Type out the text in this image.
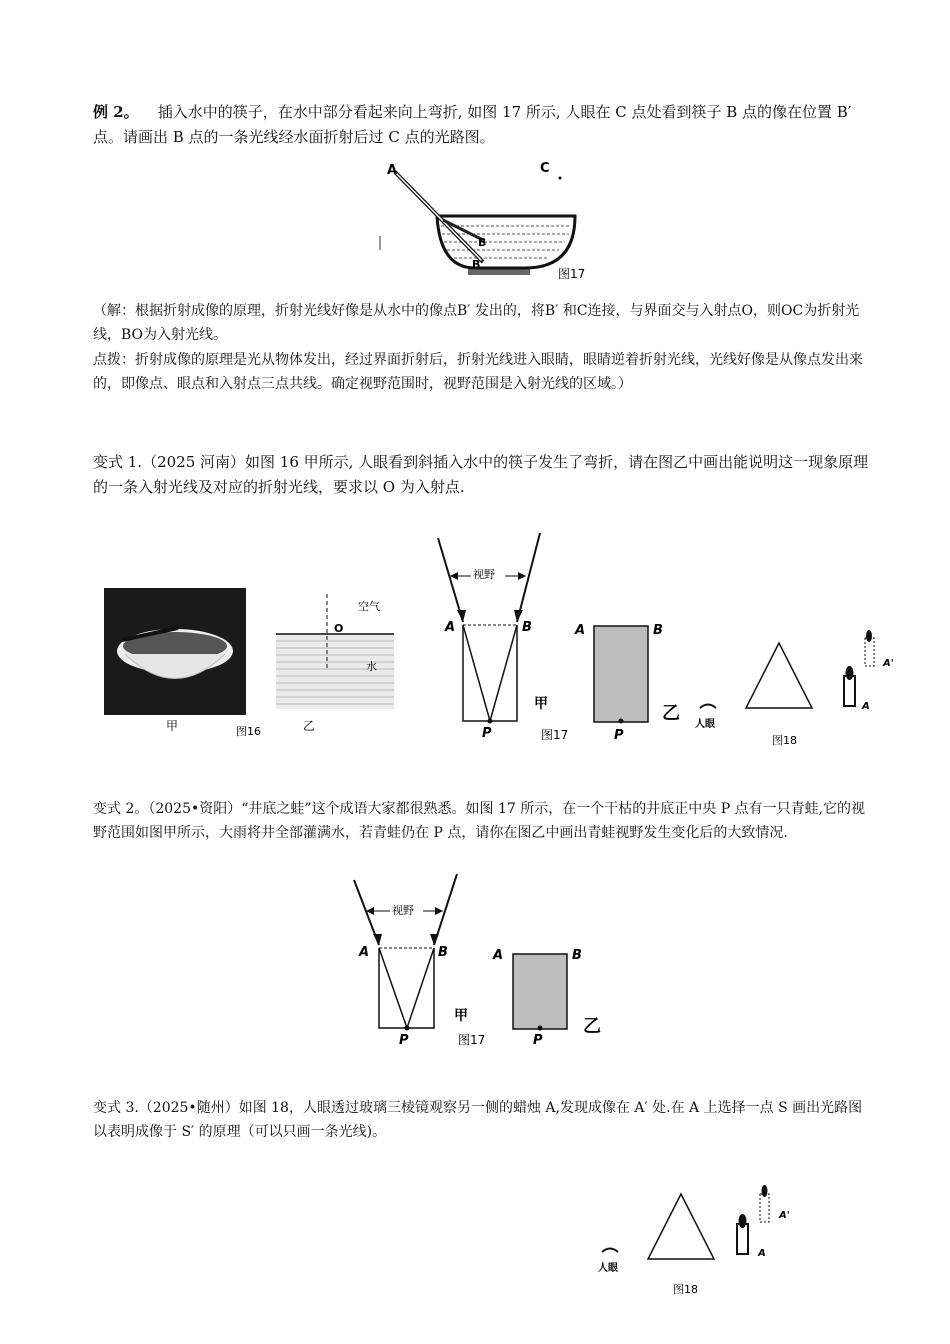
例 2。 插入水中的筷子，在水中部分看起来向上弯折, 如图 17 所示, 人眼在 C 点处看到筷子 B 点的像在位置 B′ 点。请画出 B 点的一条光线经水面折射后过 C 点的光路图。

A	C
B
B'
图17

（解：根据折射成像的原理，折射光线好像是从水中的像点B′ 发出的，将B′ 和C连接，与界面交与入射点O，则OC为折射光线，BO为入射光线。

点拨：折射成像的原理是光从物体发出，经过界面折射后，折射光线进入眼睛，眼睛逆着折射光线，光线好像是从像点发出来的，即像点、眼点和入射点三点共线。确定视野范围时，视野范围是入射光线的区域。）

变式 1.（2025 河南）如图 16 甲所示, 人眼看到斜插入水中的筷子发生了弯折，请在图乙中画出能说明这一现象原理的一条入射光线及对应的折射光线，要求以 O 为入射点.

甲	图16
O
空气
水
乙
视野
A	B
P
甲
图17
A	B
P
乙
人眼
图18
A'
A

变式 2。（2025•资阳）“井底之蛙”这个成语大家都很熟悉。如图 17 所示，在一个干枯的井底正中央 P 点有一只青蛙,它的视野范围如图甲所示，大雨将井全部灌满水，若青蛙仍在 P 点，请你在图乙中画出青蛙视野发生变化后的大致情况.

视野
A	B
P
甲
图17
A	B
P
乙

变式 3.（2025•随州）如图 18，人眼透过玻璃三棱镜观察另一侧的蜡烛 A,发现成像在 A′ 处.在 A 上选择一点 S 画出光路图以表明成像于 S′ 的原理（可以只画一条光线)。

人眼
图18
A'
A
